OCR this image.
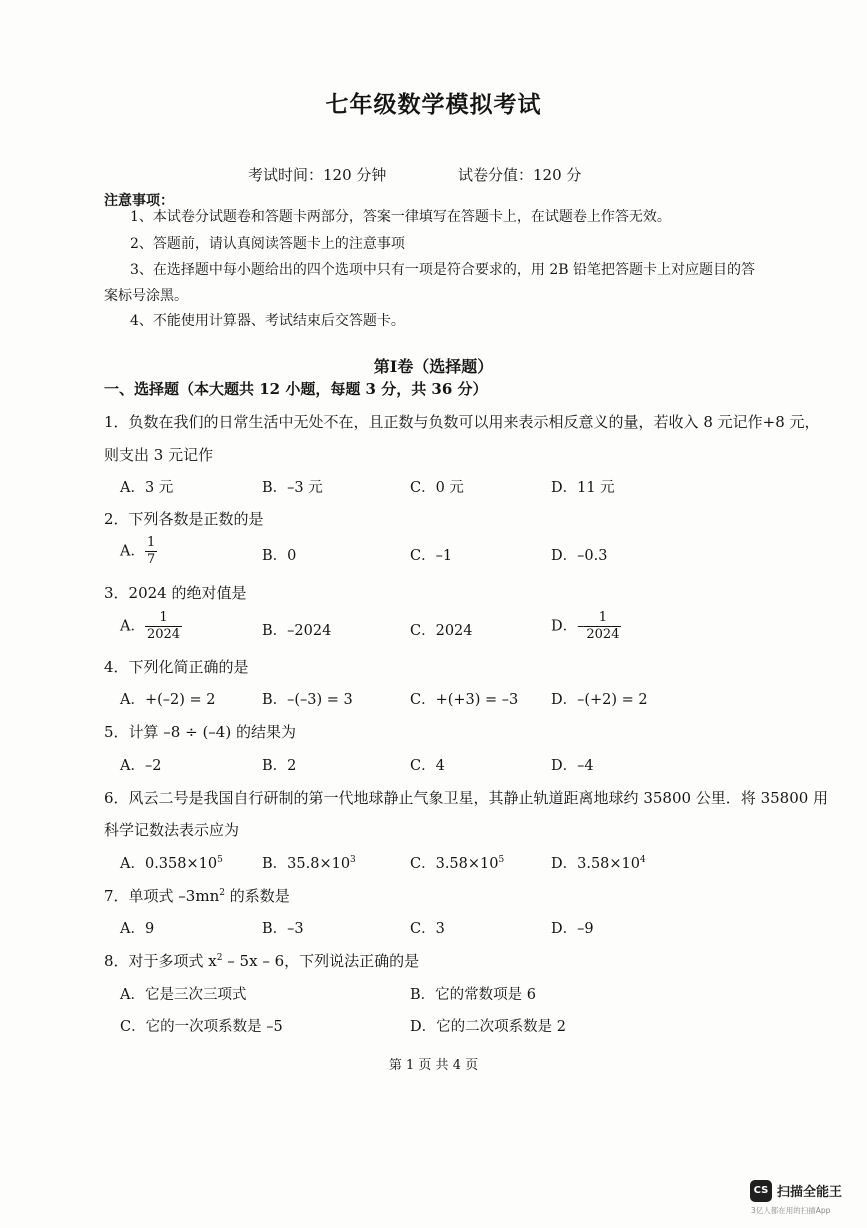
七年级数学模拟考试
考试时间：120 分钟	试卷分值：120 分
注意事项：
1、本试卷分试题卷和答题卡两部分，答案一律填写在答题卡上，在试题卷上作答无效。
2、答题前，请认真阅读答题卡上的注意事项
3、在选择题中每小题给出的四个选项中只有一项是符合要求的，用 2B 铅笔把答题卡上对应题目的答
案标号涂黑。
4、不能使用计算器、考试结束后交答题卡。
第Ⅰ卷（选择题）
一、选择题（本大题共 12 小题，每题 3 分，共 36 分）
1．负数在我们的日常生活中无处不在，且正数与负数可以用来表示相反意义的量，若收入 8 元记作+8 元，
则支出 3 元记作
A．3 元	B．–3 元	C．0 元	D．11 元
2．下列各数是正数的是
A． $\frac{1}{7}$	B．0	C．–1	D．–0.3
3．2024 的绝对值是
A． $\frac{1}{2024}$	B．–2024	C．2024	D．– $\frac{1}{2024}$
4．下列化简正确的是
A．+(–2) = 2	B．–(–3) = 3	C．+(+3) = –3 D．–(+2) = 2
5．计算 –8 ÷ (–4) 的结果为
A．–2	B．2	C．4	D．–4
6．风云二号是我国自行研制的第一代地球静止气象卫星，其静止轨道距离地球约 35800 公里．将 35800 用
科学记数法表示应为
A．$0.358\times 10^5$	B．$35.8\times 10^3$	C．$3.58\times 10^5$	D．$3.58\times 10^4$
7．单项式 $-3mn^2$ 的系数是
A．9	B．–3	C．3	D．–9
8．对于多项式 $x^2 - 5x - 6$，下列说法正确的是
A．它是三次三项式	B．它的常数项是 6
C．它的一次项系数是 –5	D．它的二次项系数是 2
第 1 页 共 4 页
CS 扫描全能王
3亿人都在用的扫描App
